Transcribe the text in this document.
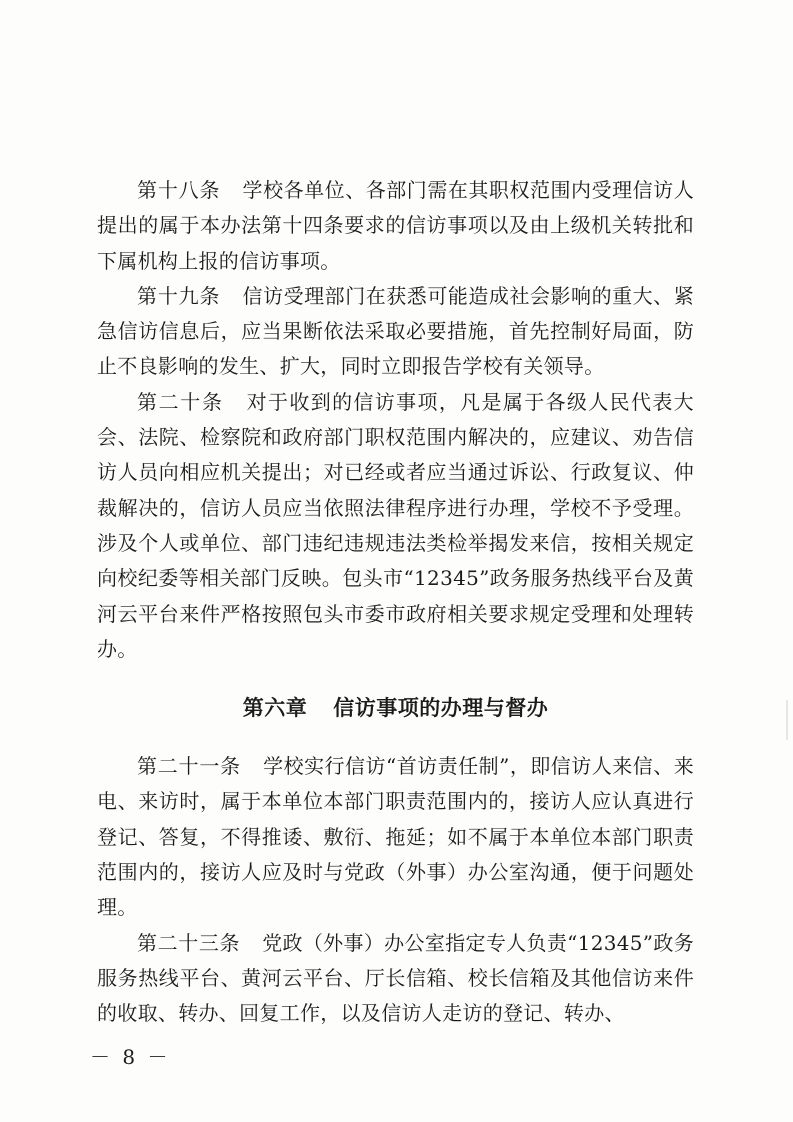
第十八条 学校各单位、各部门需在其职权范围内受理信访人提出的属于本办法第十四条要求的信访事项以及由上级机关转批和下属机构上报的信访事项。

第十九条 信访受理部门在获悉可能造成社会影响的重大、紧急信访信息后，应当果断依法采取必要措施，首先控制好局面，防止不良影响的发生、扩大，同时立即报告学校有关领导。

第二十条 对于收到的信访事项，凡是属于各级人民代表大会、法院、检察院和政府部门职权范围内解决的，应建议、劝告信访人员向相应机关提出；对已经或者应当通过诉讼、行政复议、仲裁解决的，信访人员应当依照法律程序进行办理，学校不予受理。涉及个人或单位、部门违纪违规违法类检举揭发来信，按相关规定向校纪委等相关部门反映。包头市“12345”政务服务热线平台及黄河云平台来件严格按照包头市委市政府相关要求规定受理和处理转办。

第六章 信访事项的办理与督办

第二十一条 学校实行信访“首访责任制”，即信访人来信、来电、来访时，属于本单位本部门职责范围内的，接访人应认真进行登记、答复，不得推诿、敷衍、拖延；如不属于本单位本部门职责范围内的，接访人应及时与党政（外事）办公室沟通，便于问题处理。

第二十三条 党政（外事）办公室指定专人负责“12345”政务服务热线平台、黄河云平台、厅长信箱、校长信箱及其他信访来件的收取、转办、回复工作，以及信访人走访的登记、转办、

－ 8 －
